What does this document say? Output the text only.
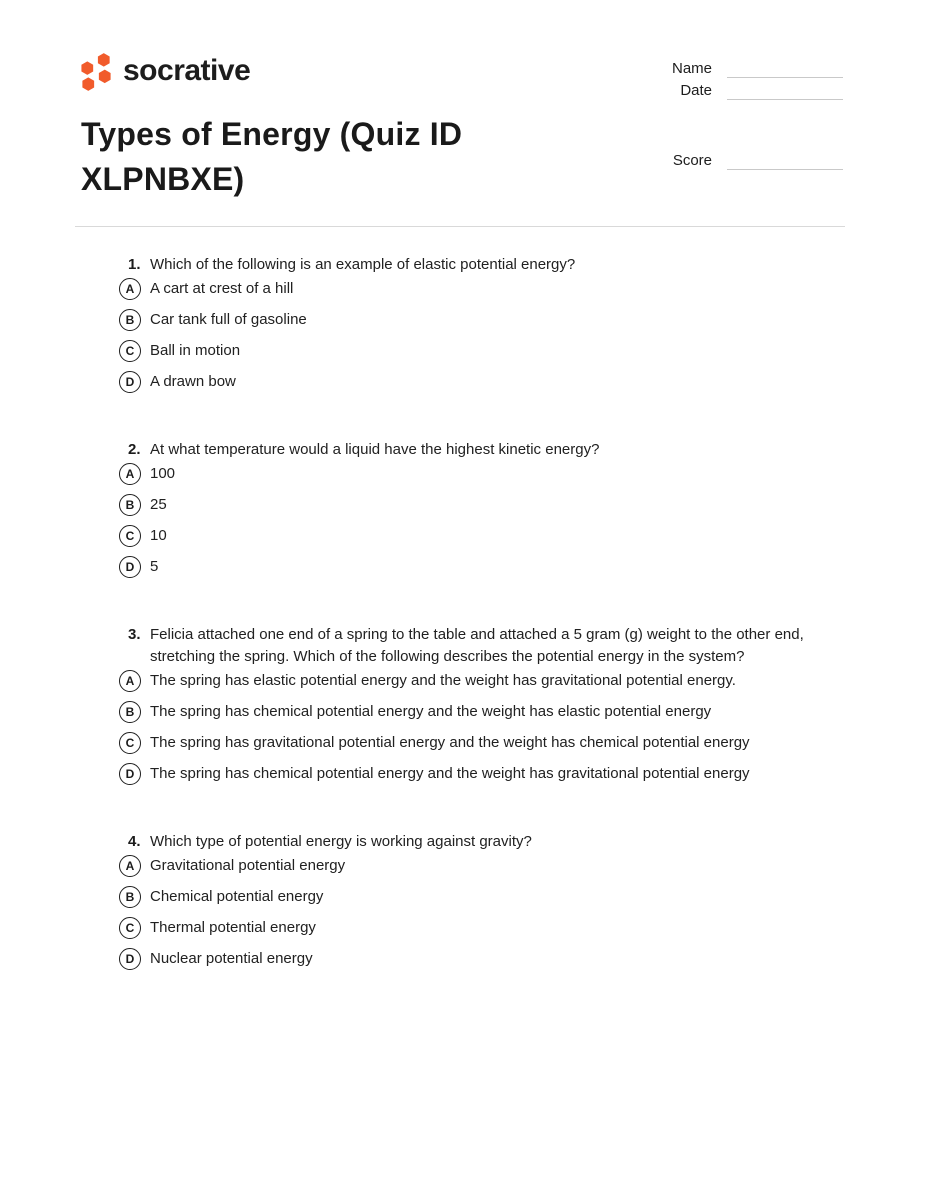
socrative	Name
Date
Types of Energy (Quiz ID XLPNBXE)
Score
1. Which of the following is an example of elastic potential energy?
A A cart at crest of a hill
B Car tank full of gasoline
C Ball in motion
D A drawn bow
2. At what temperature would a liquid have the highest kinetic energy?
A 100
B 25
C 10
D 5
3. Felicia attached one end of a spring to the table and attached a 5 gram (g) weight to the other end, stretching the spring. Which of the following describes the potential energy in the system?
A The spring has elastic potential energy and the weight has gravitational potential energy.
B The spring has chemical potential energy and the weight has elastic potential energy
C The spring has gravitational potential energy and the weight has chemical potential energy
D The spring has chemical potential energy and the weight has gravitational potential energy
4. Which type of potential energy is working against gravity?
A Gravitational potential energy
B Chemical potential energy
C Thermal potential energy
D Nuclear potential energy
